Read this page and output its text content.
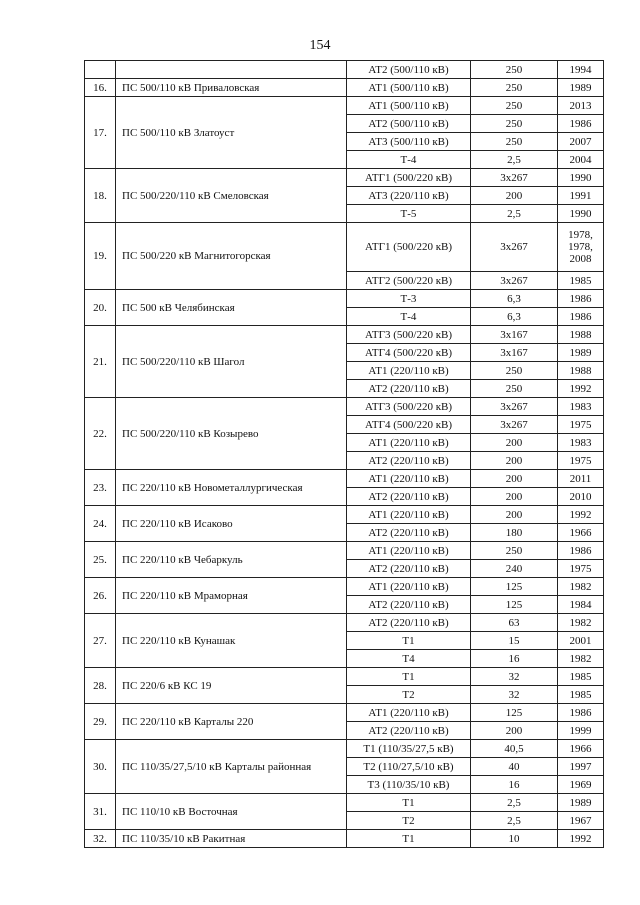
154
		АТ2 (500/110 кВ)	250	1994
16.	ПС 500/110 кВ Приваловская	АТ1 (500/110 кВ)	250	1989
17.	ПС 500/110 кВ Златоуст	АТ1 (500/110 кВ)	250	2013
		АТ2 (500/110 кВ)	250	1986
		АТ3 (500/110 кВ)	250	2007
		Т-4	2,5	2004
18.	ПС 500/220/110 кВ Смеловская	АТГ1 (500/220 кВ)	3х267	1990
		АТ3 (220/110 кВ)	200	1991
		Т-5	2,5	1990
19.	ПС 500/220 кВ Магнитогорская	АТГ1 (500/220 кВ)	3х267	1978, 1978, 2008
		АТГ2 (500/220 кВ)	3х267	1985
20.	ПС 500 кВ Челябинская	Т-3	6,3	1986
		Т-4	6,3	1986
21.	ПС 500/220/110 кВ Шагол	АТГ3 (500/220 кВ)	3х167	1988
		АТГ4 (500/220 кВ)	3х167	1989
		АТ1 (220/110 кВ)	250	1988
		АТ2 (220/110 кВ)	250	1992
22.	ПС 500/220/110 кВ Козырево	АТГ3 (500/220 кВ)	3х267	1983
		АТГ4 (500/220 кВ)	3х267	1975
		АТ1 (220/110 кВ)	200	1983
		АТ2 (220/110 кВ)	200	1975
23.	ПС 220/110 кВ Новометаллургическая	АТ1 (220/110 кВ)	200	2011
		АТ2 (220/110 кВ)	200	2010
24.	ПС 220/110 кВ Исаково	АТ1 (220/110 кВ)	200	1992
		АТ2 (220/110 кВ)	180	1966
25.	ПС 220/110 кВ Чебаркуль	АТ1 (220/110 кВ)	250	1986
		АТ2 (220/110 кВ)	240	1975
26.	ПС 220/110 кВ Мраморная	АТ1 (220/110 кВ)	125	1982
		АТ2 (220/110 кВ)	125	1984
27.	ПС 220/110 кВ Кунашак	АТ2 (220/110 кВ)	63	1982
		Т1	15	2001
		Т4	16	1982
28.	ПС 220/6 кВ КС 19	Т1	32	1985
		Т2	32	1985
29.	ПС 220/110 кВ Карталы 220	АТ1 (220/110 кВ)	125	1986
		АТ2 (220/110 кВ)	200	1999
30.	ПС 110/35/27,5/10 кВ Карталы районная	Т1 (110/35/27,5 кВ)	40,5	1966
		Т2 (110/27,5/10 кВ)	40	1997
		Т3 (110/35/10 кВ)	16	1969
31.	ПС 110/10 кВ Восточная	Т1	2,5	1989
		Т2	2,5	1967
32.	ПС 110/35/10 кВ Ракитная	Т1	10	1992
